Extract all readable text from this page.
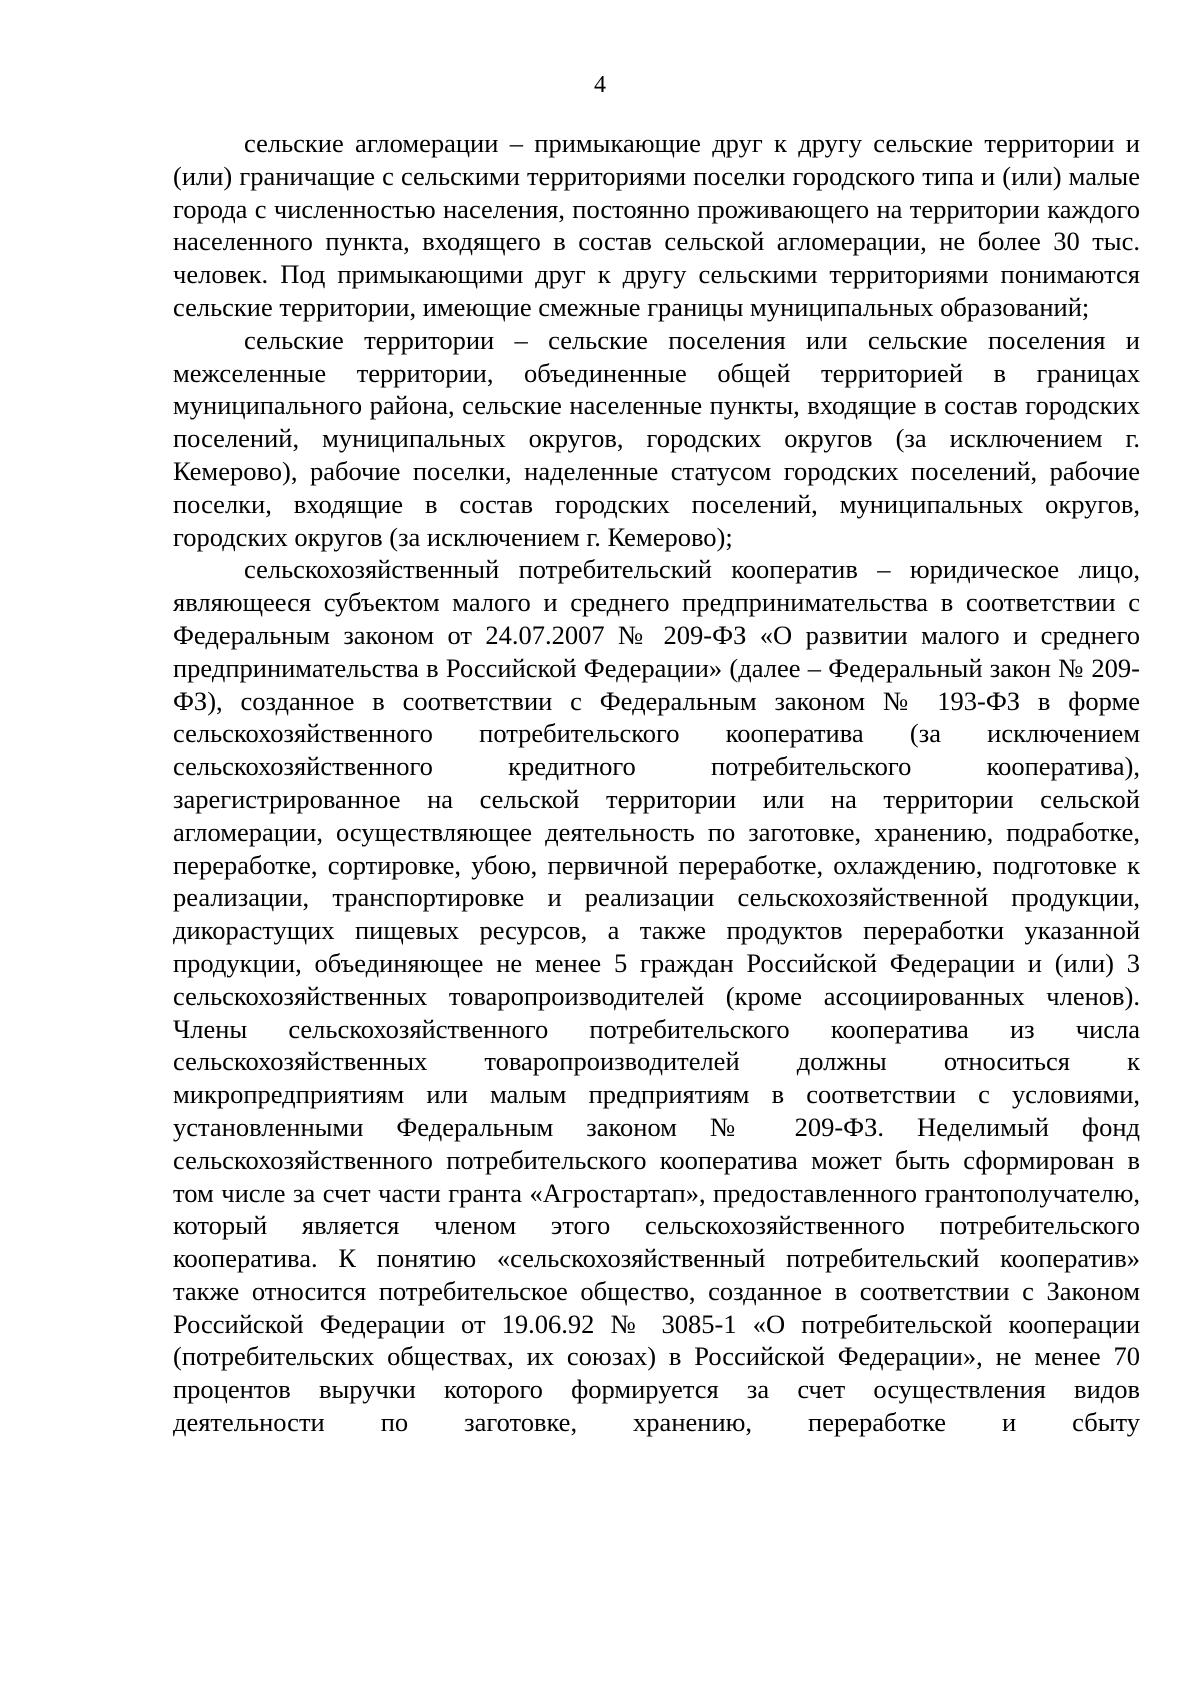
4

сельские агломерации – примыкающие друг к другу сельские территории и (или) граничащие с сельскими территориями поселки городского типа и (или) малые города с численностью населения, постоянно проживающего на территории каждого населенного пункта, входящего в состав сельской агломерации, не более 30 тыс. человек. Под примыкающими друг к другу сельскими территориями понимаются сельские территории, имеющие смежные границы муниципальных образований;

сельские территории – сельские поселения или сельские поселения и межселенные территории, объединенные общей территорией в границах муниципального района, сельские населенные пункты, входящие в состав городских поселений, муниципальных округов, городских округов (за исключением г. Кемерово), рабочие поселки, наделенные статусом городских поселений, рабочие поселки, входящие в состав городских поселений, муниципальных округов, городских округов (за исключением г. Кемерово);

сельскохозяйственный потребительский кооператив – юридическое лицо, являющееся субъектом малого и среднего предпринимательства в соответствии с Федеральным законом от 24.07.2007 № 209-ФЗ «О развитии малого и среднего предпринимательства в Российской Федерации» (далее – Федеральный закон № 209-ФЗ), созданное в соответствии с Федеральным законом № 193-ФЗ в форме сельскохозяйственного потребительского кооператива (за исключением сельскохозяйственного кредитного потребительского кооператива), зарегистрированное на сельской территории или на территории сельской агломерации, осуществляющее деятельность по заготовке, хранению, подработке, переработке, сортировке, убою, первичной переработке, охлаждению, подготовке к реализации, транспортировке и реализации сельскохозяйственной продукции, дикорастущих пищевых ресурсов, а также продуктов переработки указанной продукции, объединяющее не менее 5 граждан Российской Федерации и (или) 3 сельскохозяйственных товаропроизводителей (кроме ассоциированных членов). Члены сельскохозяйственного потребительского кооператива из числа сельскохозяйственных товаропроизводителей должны относиться к микропредприятиям или малым предприятиям в соответствии с условиями, установленными Федеральным законом № 209-ФЗ. Неделимый фонд сельскохозяйственного потребительского кооператива может быть сформирован в том числе за счет части гранта «Агростартап», предоставленного грантополучателю, который является членом этого сельскохозяйственного потребительского кооператива. К понятию «сельскохозяйственный потребительский кооператив» также относится потребительское общество, созданное в соответствии с Законом Российской Федерации от 19.06.92 № 3085-1 «О потребительской кооперации (потребительских обществах, их союзах) в Российской Федерации», не менее 70 процентов выручки которого формируется за счет осуществления видов деятельности по заготовке, хранению, переработке и сбыту
